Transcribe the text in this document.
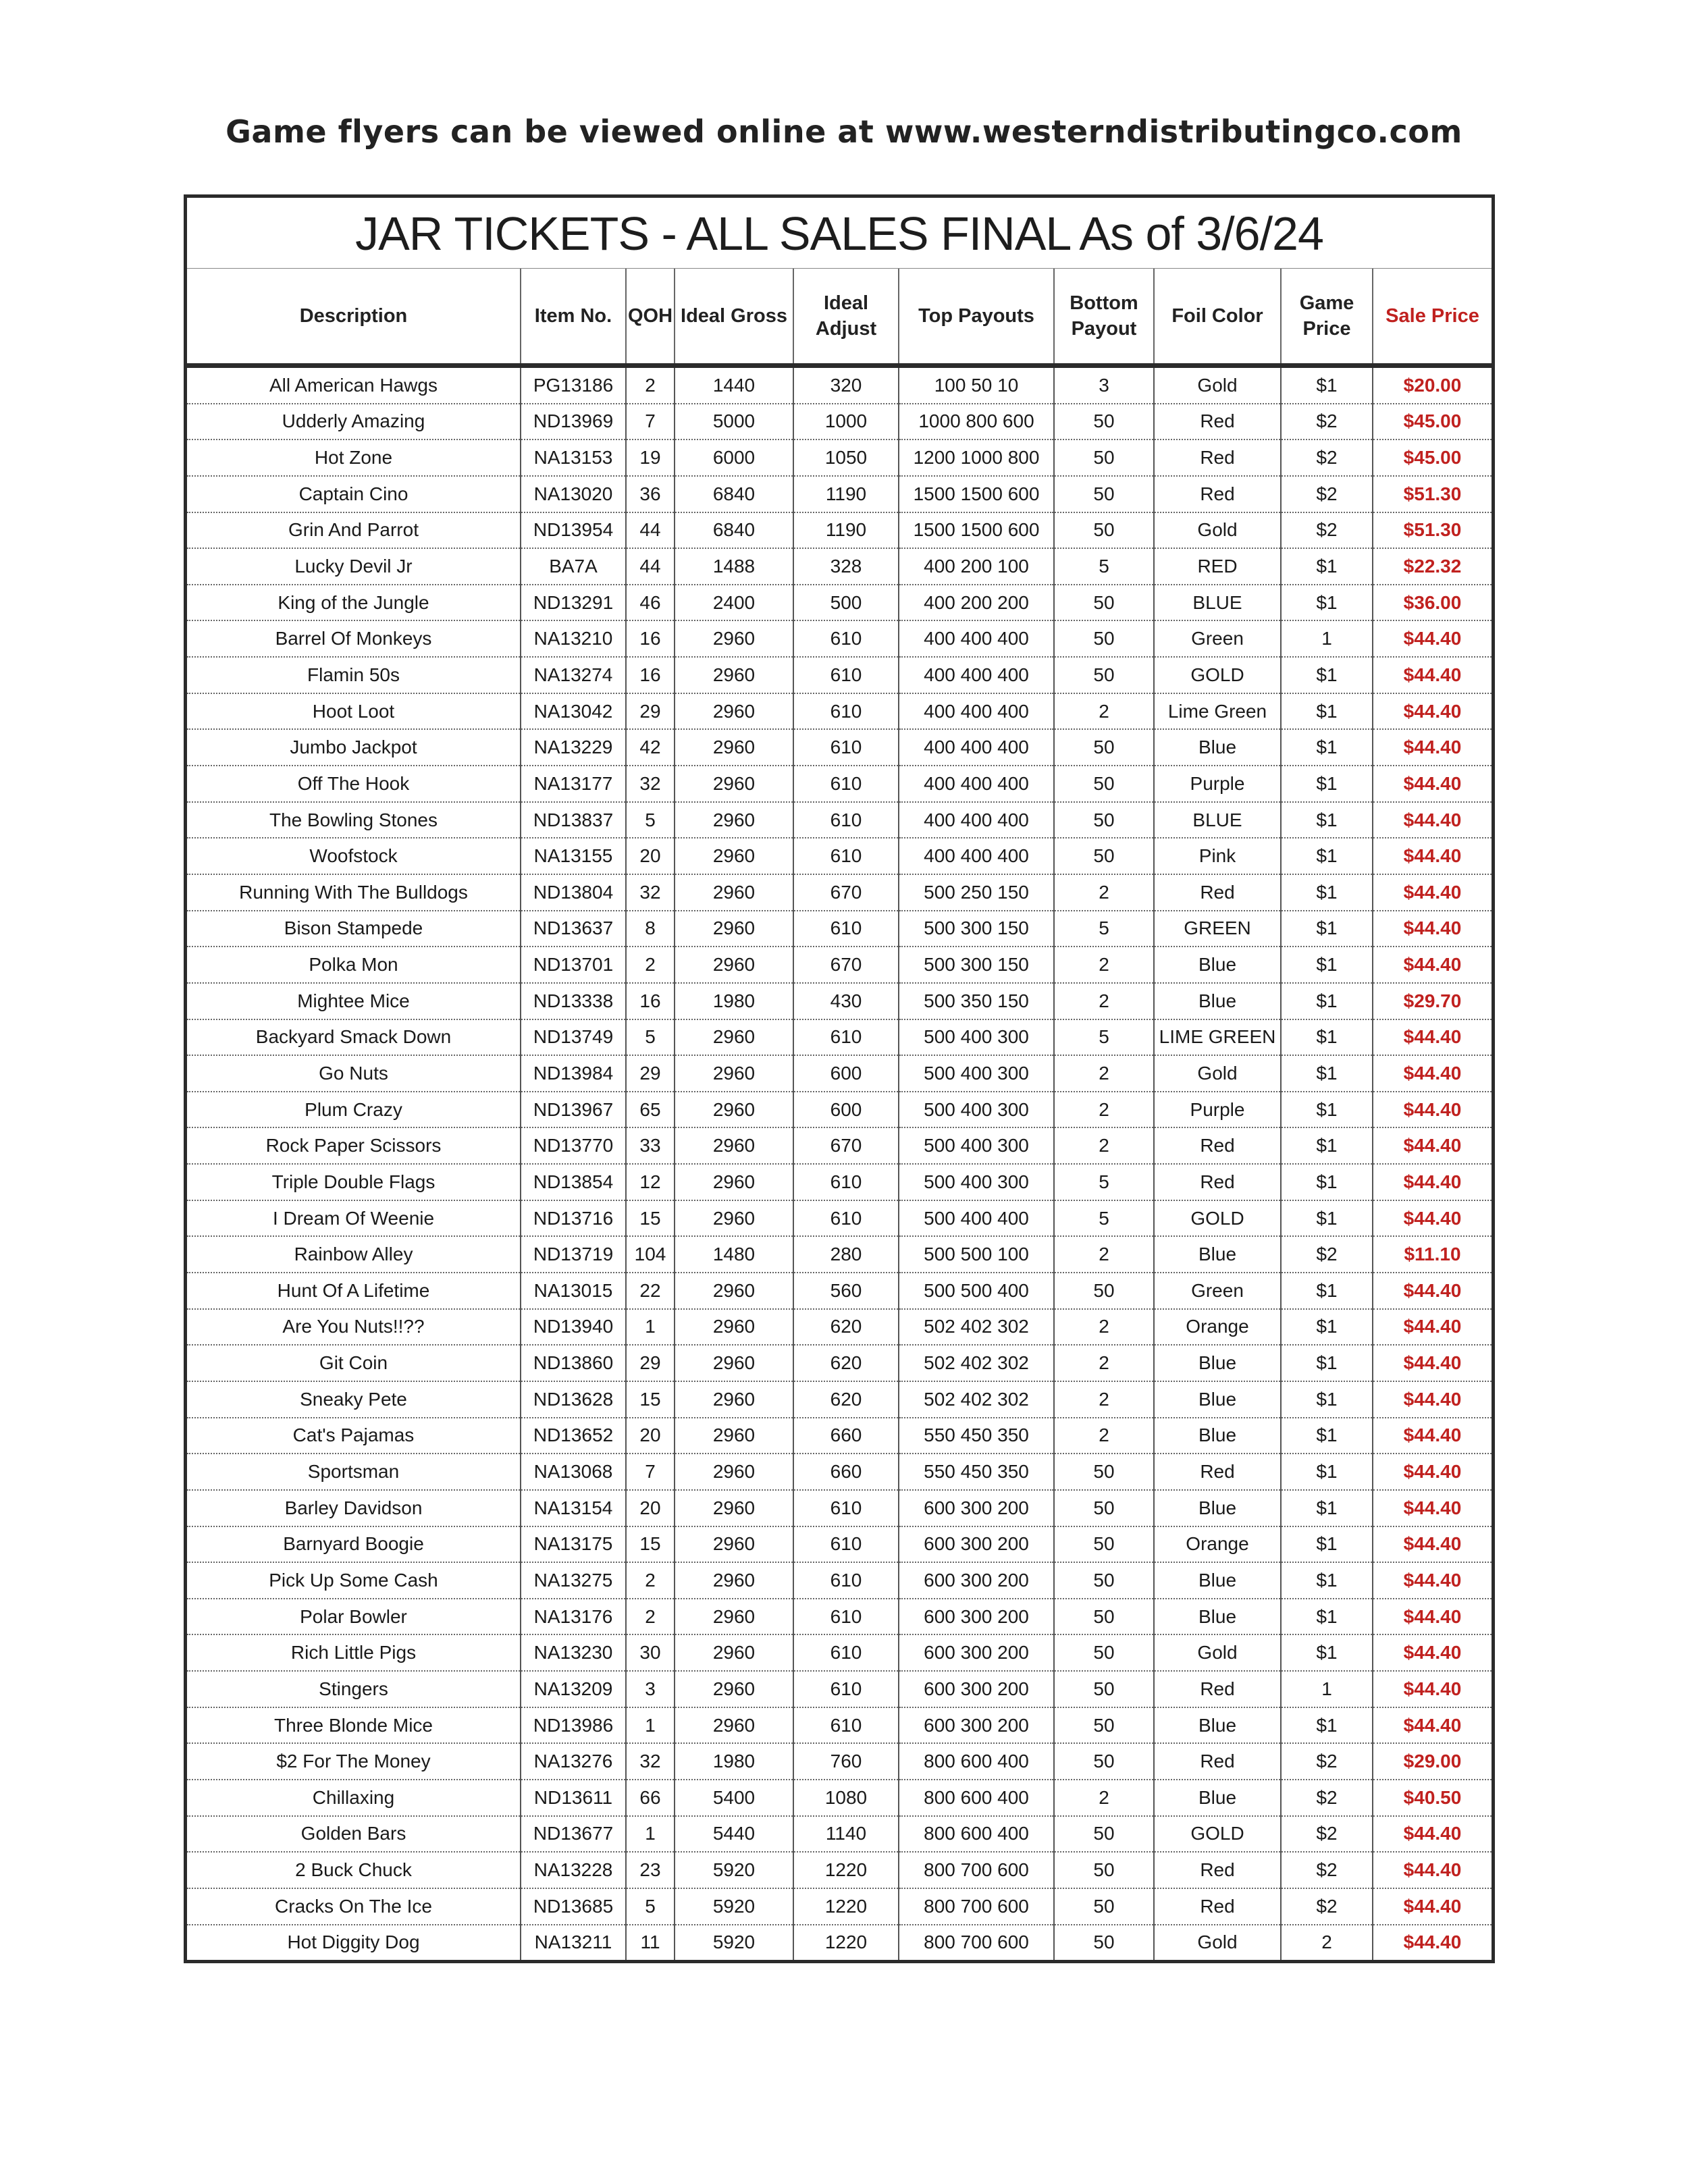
Game flyers can be viewed online at www.westerndistributingco.com
JAR TICKETS - ALL SALES FINAL As of 3/6/24
Description	Item No.	QOH	Ideal Gross	Ideal Adjust	Top Payouts	Bottom Payout	Foil Color	Game Price	Sale Price
All American Hawgs	PG13186	2	1440	320	100 50 10	3	Gold	$1	$20.00
Udderly Amazing	ND13969	7	5000	1000	1000 800 600	50	Red	$2	$45.00
Hot Zone	NA13153	19	6000	1050	1200 1000 800	50	Red	$2	$45.00
Captain Cino	NA13020	36	6840	1190	1500 1500 600	50	Red	$2	$51.30
Grin And Parrot	ND13954	44	6840	1190	1500 1500 600	50	Gold	$2	$51.30
Lucky Devil Jr	BA7A	44	1488	328	400 200 100	5	RED	$1	$22.32
King of the Jungle	ND13291	46	2400	500	400 200 200	50	BLUE	$1	$36.00
Barrel Of Monkeys	NA13210	16	2960	610	400 400 400	50	Green	1	$44.40
Flamin 50s	NA13274	16	2960	610	400 400 400	50	GOLD	$1	$44.40
Hoot Loot	NA13042	29	2960	610	400 400 400	2	Lime Green	$1	$44.40
Jumbo Jackpot	NA13229	42	2960	610	400 400 400	50	Blue	$1	$44.40
Off The Hook	NA13177	32	2960	610	400 400 400	50	Purple	$1	$44.40
The Bowling Stones	ND13837	5	2960	610	400 400 400	50	BLUE	$1	$44.40
Woofstock	NA13155	20	2960	610	400 400 400	50	Pink	$1	$44.40
Running With The Bulldogs	ND13804	32	2960	670	500 250 150	2	Red	$1	$44.40
Bison Stampede	ND13637	8	2960	610	500 300 150	5	GREEN	$1	$44.40
Polka Mon	ND13701	2	2960	670	500 300 150	2	Blue	$1	$44.40
Mightee Mice	ND13338	16	1980	430	500 350 150	2	Blue	$1	$29.70
Backyard Smack Down	ND13749	5	2960	610	500 400 300	5	LIME GREEN	$1	$44.40
Go Nuts	ND13984	29	2960	600	500 400 300	2	Gold	$1	$44.40
Plum Crazy	ND13967	65	2960	600	500 400 300	2	Purple	$1	$44.40
Rock Paper Scissors	ND13770	33	2960	670	500 400 300	2	Red	$1	$44.40
Triple Double Flags	ND13854	12	2960	610	500 400 300	5	Red	$1	$44.40
I Dream Of Weenie	ND13716	15	2960	610	500 400 400	5	GOLD	$1	$44.40
Rainbow Alley	ND13719	104	1480	280	500 500 100	2	Blue	$2	$11.10
Hunt Of A Lifetime	NA13015	22	2960	560	500 500 400	50	Green	$1	$44.40
Are You Nuts!!??	ND13940	1	2960	620	502 402 302	2	Orange	$1	$44.40
Git Coin	ND13860	29	2960	620	502 402 302	2	Blue	$1	$44.40
Sneaky Pete	ND13628	15	2960	620	502 402 302	2	Blue	$1	$44.40
Cat's Pajamas	ND13652	20	2960	660	550 450 350	2	Blue	$1	$44.40
Sportsman	NA13068	7	2960	660	550 450 350	50	Red	$1	$44.40
Barley Davidson	NA13154	20	2960	610	600 300 200	50	Blue	$1	$44.40
Barnyard Boogie	NA13175	15	2960	610	600 300 200	50	Orange	$1	$44.40
Pick Up Some Cash	NA13275	2	2960	610	600 300 200	50	Blue	$1	$44.40
Polar Bowler	NA13176	2	2960	610	600 300 200	50	Blue	$1	$44.40
Rich Little Pigs	NA13230	30	2960	610	600 300 200	50	Gold	$1	$44.40
Stingers	NA13209	3	2960	610	600 300 200	50	Red	1	$44.40
Three Blonde Mice	ND13986	1	2960	610	600 300 200	50	Blue	$1	$44.40
$2 For The Money	NA13276	32	1980	760	800 600 400	50	Red	$2	$29.00
Chillaxing	ND13611	66	5400	1080	800 600 400	2	Blue	$2	$40.50
Golden Bars	ND13677	1	5440	1140	800 600 400	50	GOLD	$2	$44.40
2 Buck Chuck	NA13228	23	5920	1220	800 700 600	50	Red	$2	$44.40
Cracks On The Ice	ND13685	5	5920	1220	800 700 600	50	Red	$2	$44.40
Hot Diggity Dog	NA13211	11	5920	1220	800 700 600	50	Gold	2	$44.40
